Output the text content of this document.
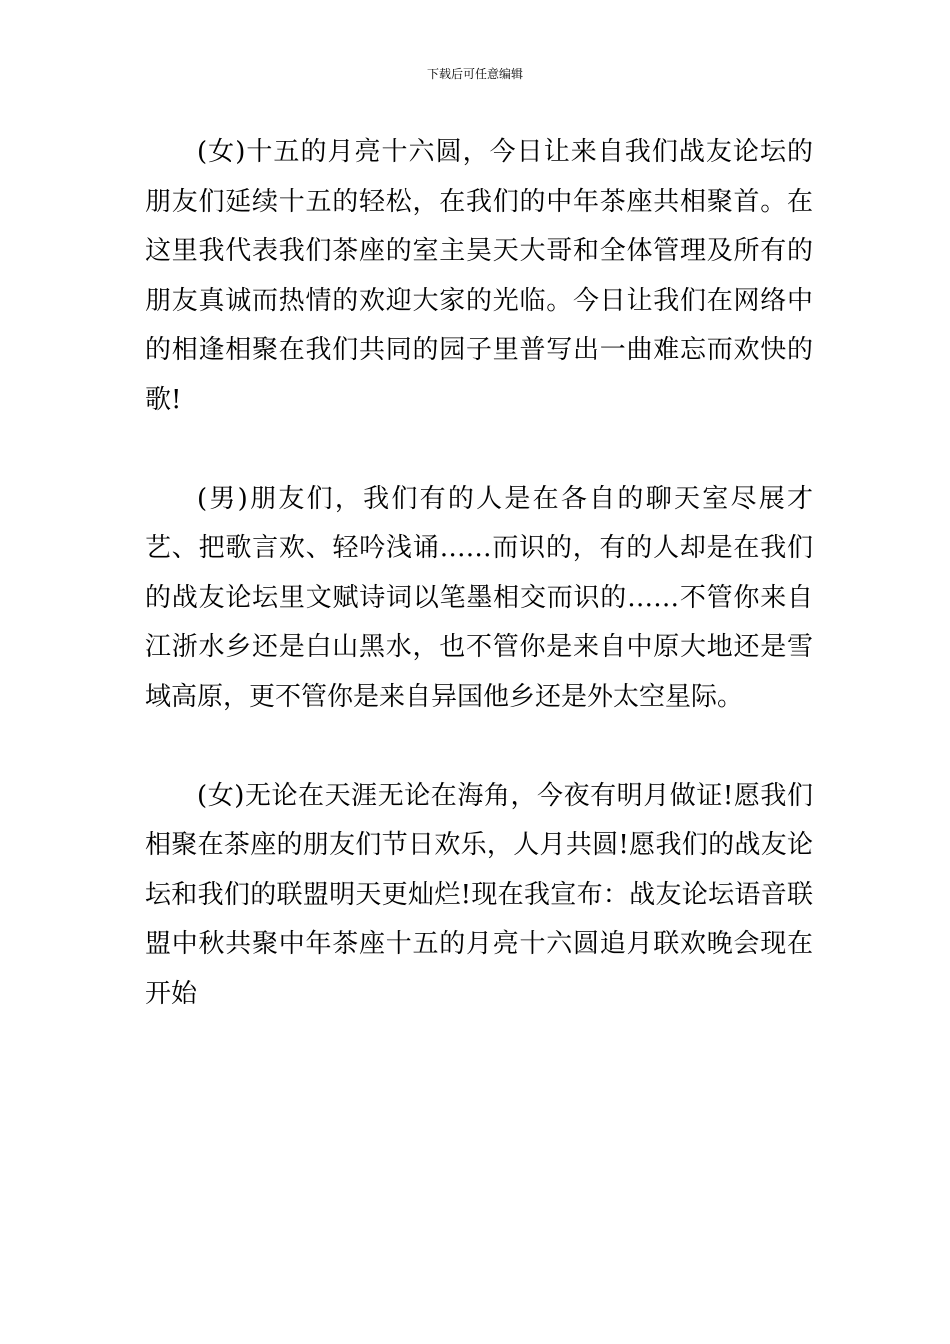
下载后可任意编辑

(女)十五的月亮十六圆，今日让来自我们战友论坛的朋友们延续十五的轻松，在我们的中年茶座共相聚首。在这里我代表我们茶座的室主昊天大哥和全体管理及所有的朋友真诚而热情的欢迎大家的光临。今日让我们在网络中的相逢相聚在我们共同的园子里普写出一曲难忘而欢快的歌!

(男)朋友们，我们有的人是在各自的聊天室尽展才艺、把歌言欢、轻吟浅诵……而识的，有的人却是在我们的战友论坛里文赋诗词以笔墨相交而识的……不管你来自江浙水乡还是白山黑水，也不管你是来自中原大地还是雪域高原，更不管你是来自异国他乡还是外太空星际。

(女)无论在天涯无论在海角，今夜有明月做证!愿我们相聚在茶座的朋友们节日欢乐，人月共圆!愿我们的战友论坛和我们的联盟明天更灿烂!现在我宣布：战友论坛语音联盟中秋共聚中年茶座十五的月亮十六圆追月联欢晚会现在开始
